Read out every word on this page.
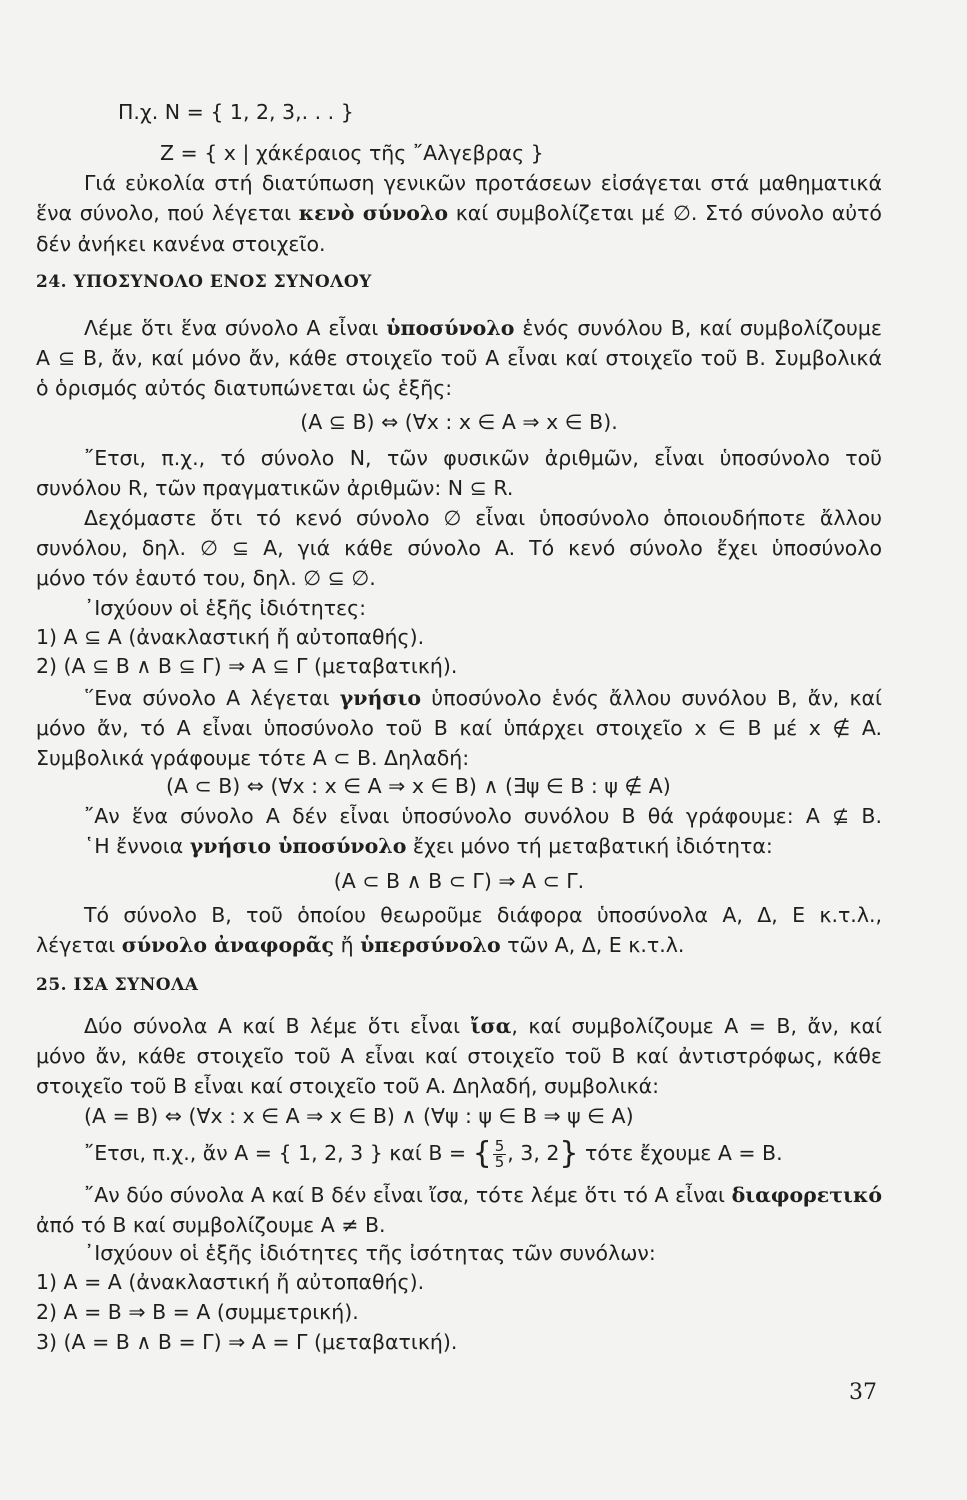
Π.χ. N = { 1, 2, 3,. . . }
Z = { x | χάκέραιος τῆς ῎Αλγεβρας }
Γιά εὐκολία στή διατύπωση γενικῶν προτάσεων εἰσάγεται στά μαθηματικά
ἕνα σύνολο, πού λέγεται κενὸ σύνολο καί συμβολίζεται μέ ∅. Στό σύνολο αὐτό
δέν ἀνήκει κανένα στοιχεῖο.
24. ΥΠΟΣΥΝΟΛΟ ΕΝΟΣ ΣΥΝΟΛΟΥ
Λέμε ὅτι ἕνα σύνολο A εἶναι ὑποσύνολο ἑνός συνόλου B, καί συμβολίζουμε
A ⊆ B, ἄν, καί μόνο ἄν, κάθε στοιχεῖο τοῦ A εἶναι καί στοιχεῖο τοῦ B. Συμβολικά
ὁ ὁρισμός αὐτός διατυπώνεται ὡς ἑξῆς:
(A ⊆ B) ⇔ (∀x : x ∈ A ⇒ x ∈ B).
῎Ετσι, π.χ., τό σύνολο N, τῶν φυσικῶν ἀριθμῶν, εἶναι ὑποσύνολο τοῦ
συνόλου R, τῶν πραγματικῶν ἀριθμῶν: N ⊆ R.
Δεχόμαστε ὅτι τό κενό σύνολο ∅ εἶναι ὑποσύνολο ὁποιουδήποτε ἄλλου
συνόλου, δηλ. ∅ ⊆ A, γιά κάθε σύνολο A. Τό κενό σύνολο ἔχει ὑποσύνολο
μόνο τόν ἑαυτό του, δηλ. ∅ ⊆ ∅.
᾿Ισχύουν οἱ ἑξῆς ἰδιότητες:
1) A ⊆ A (ἀνακλαστική ἤ αὐτοπαθής).
2) (A ⊆ B ∧ B ⊆ Γ) ⇒ A ⊆ Γ (μεταβατική).
῞Ενα σύνολο A λέγεται γνήσιο ὑποσύνολο ἑνός ἄλλου συνόλου B, ἄν, καί
μόνο ἄν, τό A εἶναι ὑποσύνολο τοῦ B καί ὑπάρχει στοιχεῖο x ∈ B μέ x ∉ A.
Συμβολικά γράφουμε τότε A ⊂ B. Δηλαδή:
(A ⊂ B) ⇔ (∀x : x ∈ A ⇒ x ∈ B) ∧ (∃ψ ∈ B : ψ ∉ A)
῎Αν ἕνα σύνολο A δέν εἶναι ὑποσύνολο συνόλου B θά γράφουμε: A ⊈ B.
῾Η ἔννοια γνήσιο ὑποσύνολο ἔχει μόνο τή μεταβατική ἰδιότητα:
(A ⊂ B ∧ B ⊂ Γ) ⇒ A ⊂ Γ.
Τό σύνολο B, τοῦ ὁποίου θεωροῦμε διάφορα ὑποσύνολα A, Δ, E κ.τ.λ.,
λέγεται σύνολο ἀναφορᾶς ἤ ὑπερσύνολο τῶν A, Δ, E κ.τ.λ.
25. ΙΣΑ ΣΥΝΟΛΑ
Δύο σύνολα A καί B λέμε ὅτι εἶναι ἴσα, καί συμβολίζουμε A = B, ἄν, καί
μόνο ἄν, κάθε στοιχεῖο τοῦ A εἶναι καί στοιχεῖο τοῦ B καί ἀντιστρόφως, κάθε
στοιχεῖο τοῦ B εἶναι καί στοιχεῖο τοῦ A. Δηλαδή, συμβολικά:
(A = B) ⇔ (∀x : x ∈ A ⇒ x ∈ B) ∧ (∀ψ : ψ ∈ B ⇒ ψ ∈ A)
῎Ετσι, π.χ., ἄν A = { 1, 2, 3 } καί B = { $\frac{5}{5}$ , 3, 2} τότε ἔχουμε A = B.
῎Αν δύο σύνολα A καί B δέν εἶναι ἴσα, τότε λέμε ὅτι τό A εἶναι διαφορετικό
ἀπό τό B καί συμβολίζουμε A ≠ B.
᾿Ισχύουν οἱ ἑξῆς ἰδιότητες τῆς ἰσότητας τῶν συνόλων:
1) A = A (ἀνακλαστική ἤ αὐτοπαθής).
2) A = B ⇒ B = A (συμμετρική).
3) (A = B ∧ B = Γ) ⇒ A = Γ (μεταβατική).
37
